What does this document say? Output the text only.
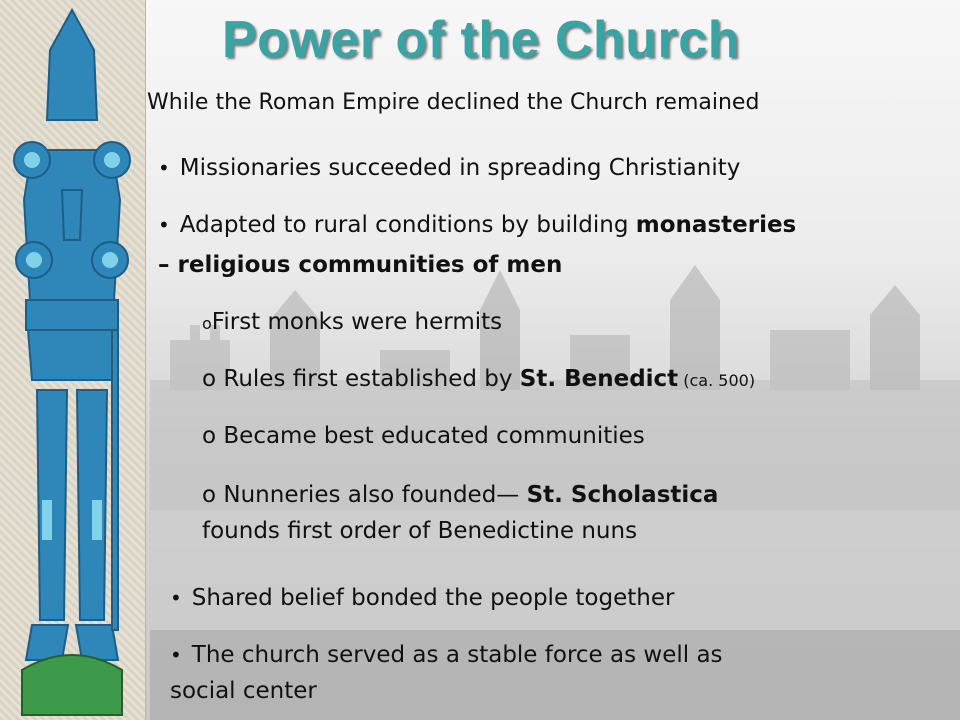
Power of the Church
While the Roman Empire declined the Church remained
• Missionaries succeeded in spreading Christianity
• Adapted to rural conditions by building monasteries
– religious communities of men
oFirst monks were hermits
o Rules first established by St. Benedict (ca. 500)
o Became best educated communities
o Nunneries also founded— St. Scholastica
founds first order of Benedictine nuns
• Shared belief bonded the people together
• The church served as a stable force as well as
social center
